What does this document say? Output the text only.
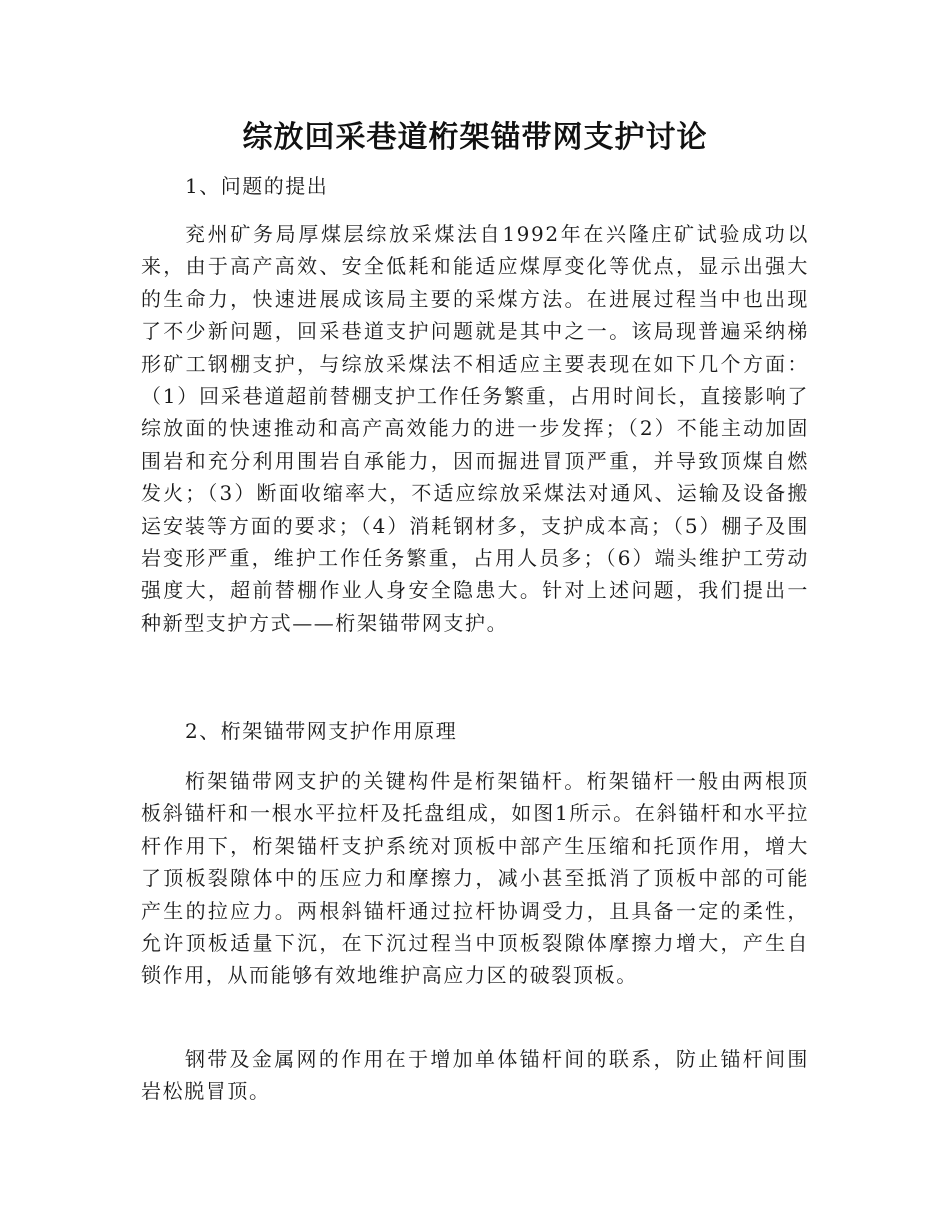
综放回采巷道桁架锚带网支护讨论

1、问题的提出

兖州矿务局厚煤层综放采煤法自1992年在兴隆庄矿试验成功以来，由于高产高效、安全低耗和能适应煤厚变化等优点，显示出强大的生命力，快速进展成该局主要的采煤方法。在进展过程当中也出现了不少新问题，回采巷道支护问题就是其中之一。该局现普遍采纳梯形矿工钢棚支护，与综放采煤法不相适应主要表现在如下几个方面：（1）回采巷道超前替棚支护工作任务繁重，占用时间长，直接影响了综放面的快速推动和高产高效能力的进一步发挥；（2）不能主动加固围岩和充分利用围岩自承能力，因而掘进冒顶严重，并导致顶煤自燃发火；（3）断面收缩率大，不适应综放采煤法对通风、运输及设备搬运安装等方面的要求；（4）消耗钢材多，支护成本高；（5）棚子及围岩变形严重，维护工作任务繁重，占用人员多；（6）端头维护工劳动强度大，超前替棚作业人身安全隐患大。针对上述问题，我们提出一种新型支护方式——桁架锚带网支护。

2、桁架锚带网支护作用原理

桁架锚带网支护的关键构件是桁架锚杆。桁架锚杆一般由两根顶板斜锚杆和一根水平拉杆及托盘组成，如图1所示。在斜锚杆和水平拉杆作用下，桁架锚杆支护系统对顶板中部产生压缩和托顶作用，增大了顶板裂隙体中的压应力和摩擦力，减小甚至抵消了顶板中部的可能产生的拉应力。两根斜锚杆通过拉杆协调受力，且具备一定的柔性，允许顶板适量下沉，在下沉过程当中顶板裂隙体摩擦力增大，产生自锁作用，从而能够有效地维护高应力区的破裂顶板。

钢带及金属网的作用在于增加单体锚杆间的联系，防止锚杆间围岩松脱冒顶。
